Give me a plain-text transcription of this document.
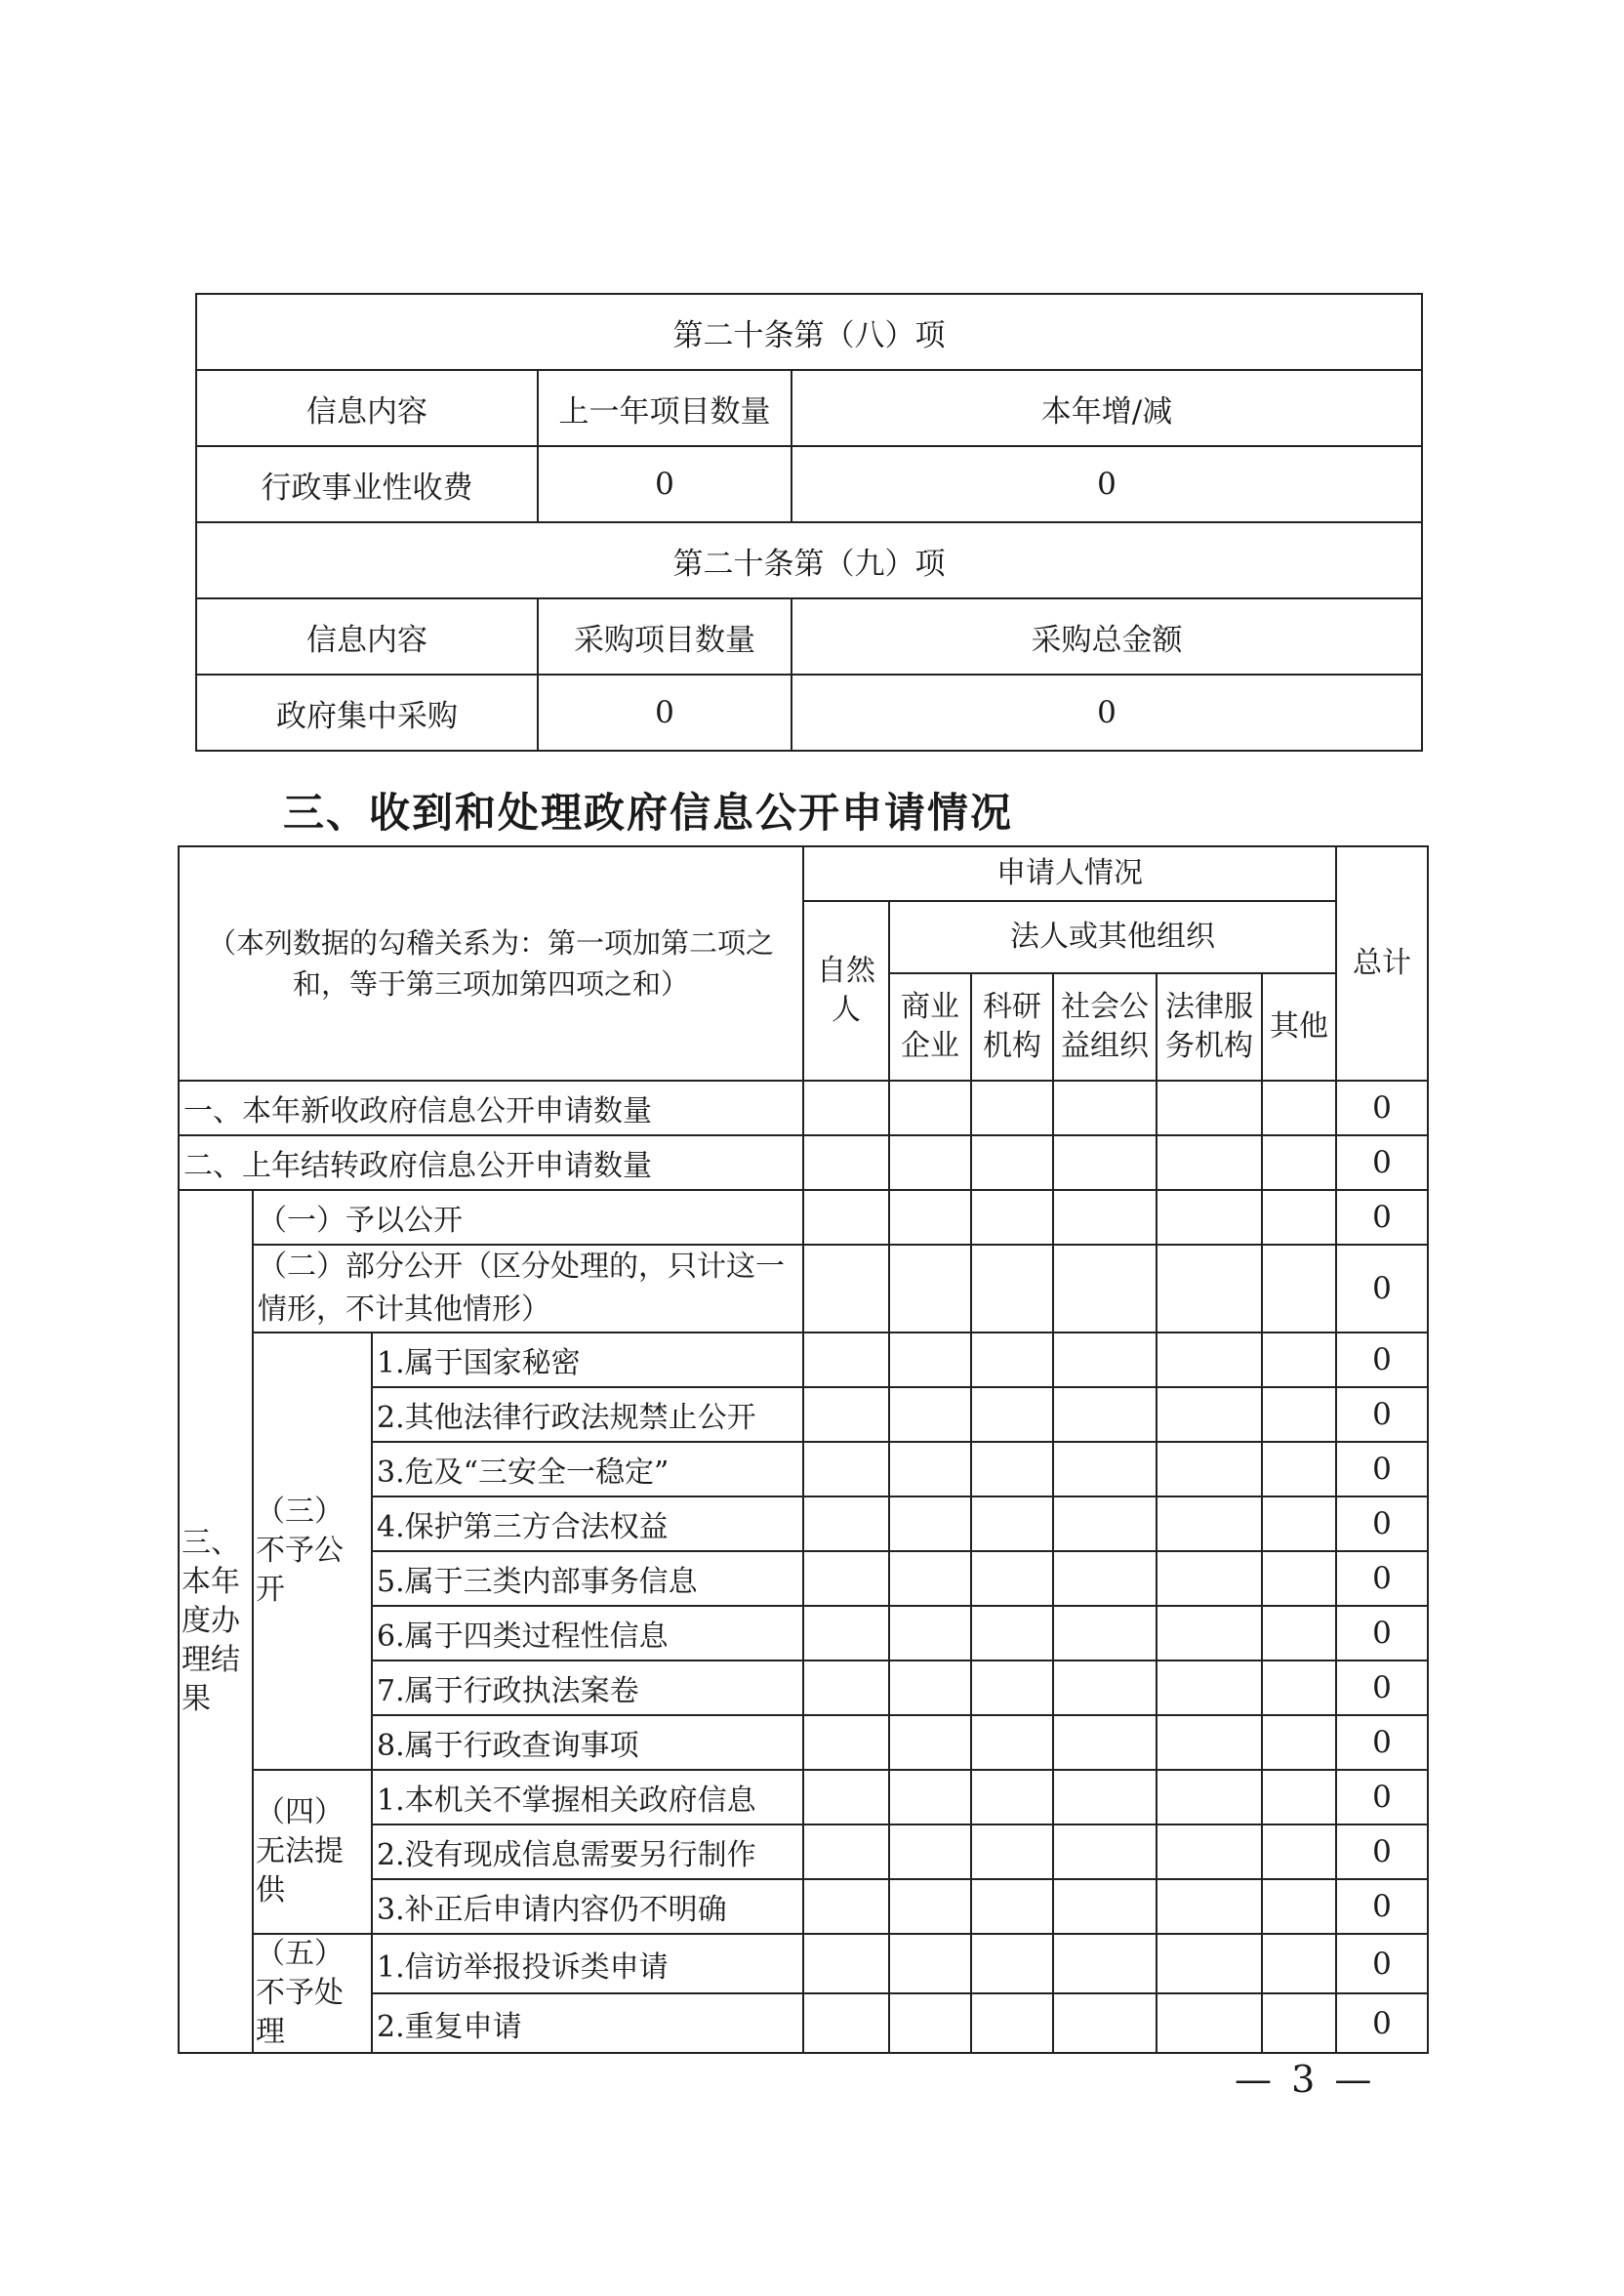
第二十条第（八）项		
信息内容	上一年项目数量	本年增/减
行政事业性收费	0	0
第二十条第（九）项		
信息内容	采购项目数量	采购总金额
政府集中采购	0	0
三、收到和处理政府信息公开申请情况
（本列数据的勾稽关系为：第一项加第二项之和，等于第三项加第四项之和）			申请人情况						总计
			自然人	法人或其他组织					
				商业企业	科研机构	社会公益组织	法律服务机构	其他	
一、本年新收政府信息公开申请数量									0
二、上年结转政府信息公开申请数量									0
三、本年度办理结果	（一）予以公开								0
	（二）部分公开（区分处理的，只计这一情形，不计其他情形）								0
	（三）不予公开	1.属于国家秘密							0
		2.其他法律行政法规禁止公开							0
		3.危及“三安全一稳定”							0
		4.保护第三方合法权益							0
		5.属于三类内部事务信息							0
		6.属于四类过程性信息							0
		7.属于行政执法案卷							0
		8.属于行政查询事项							0
	（四）无法提供	1.本机关不掌握相关政府信息							0
		2.没有现成信息需要另行制作							0
		3.补正后申请内容仍不明确							0
	（五）不予处理	1.信访举报投诉类申请							0
		2.重复申请							0
— 3 —
